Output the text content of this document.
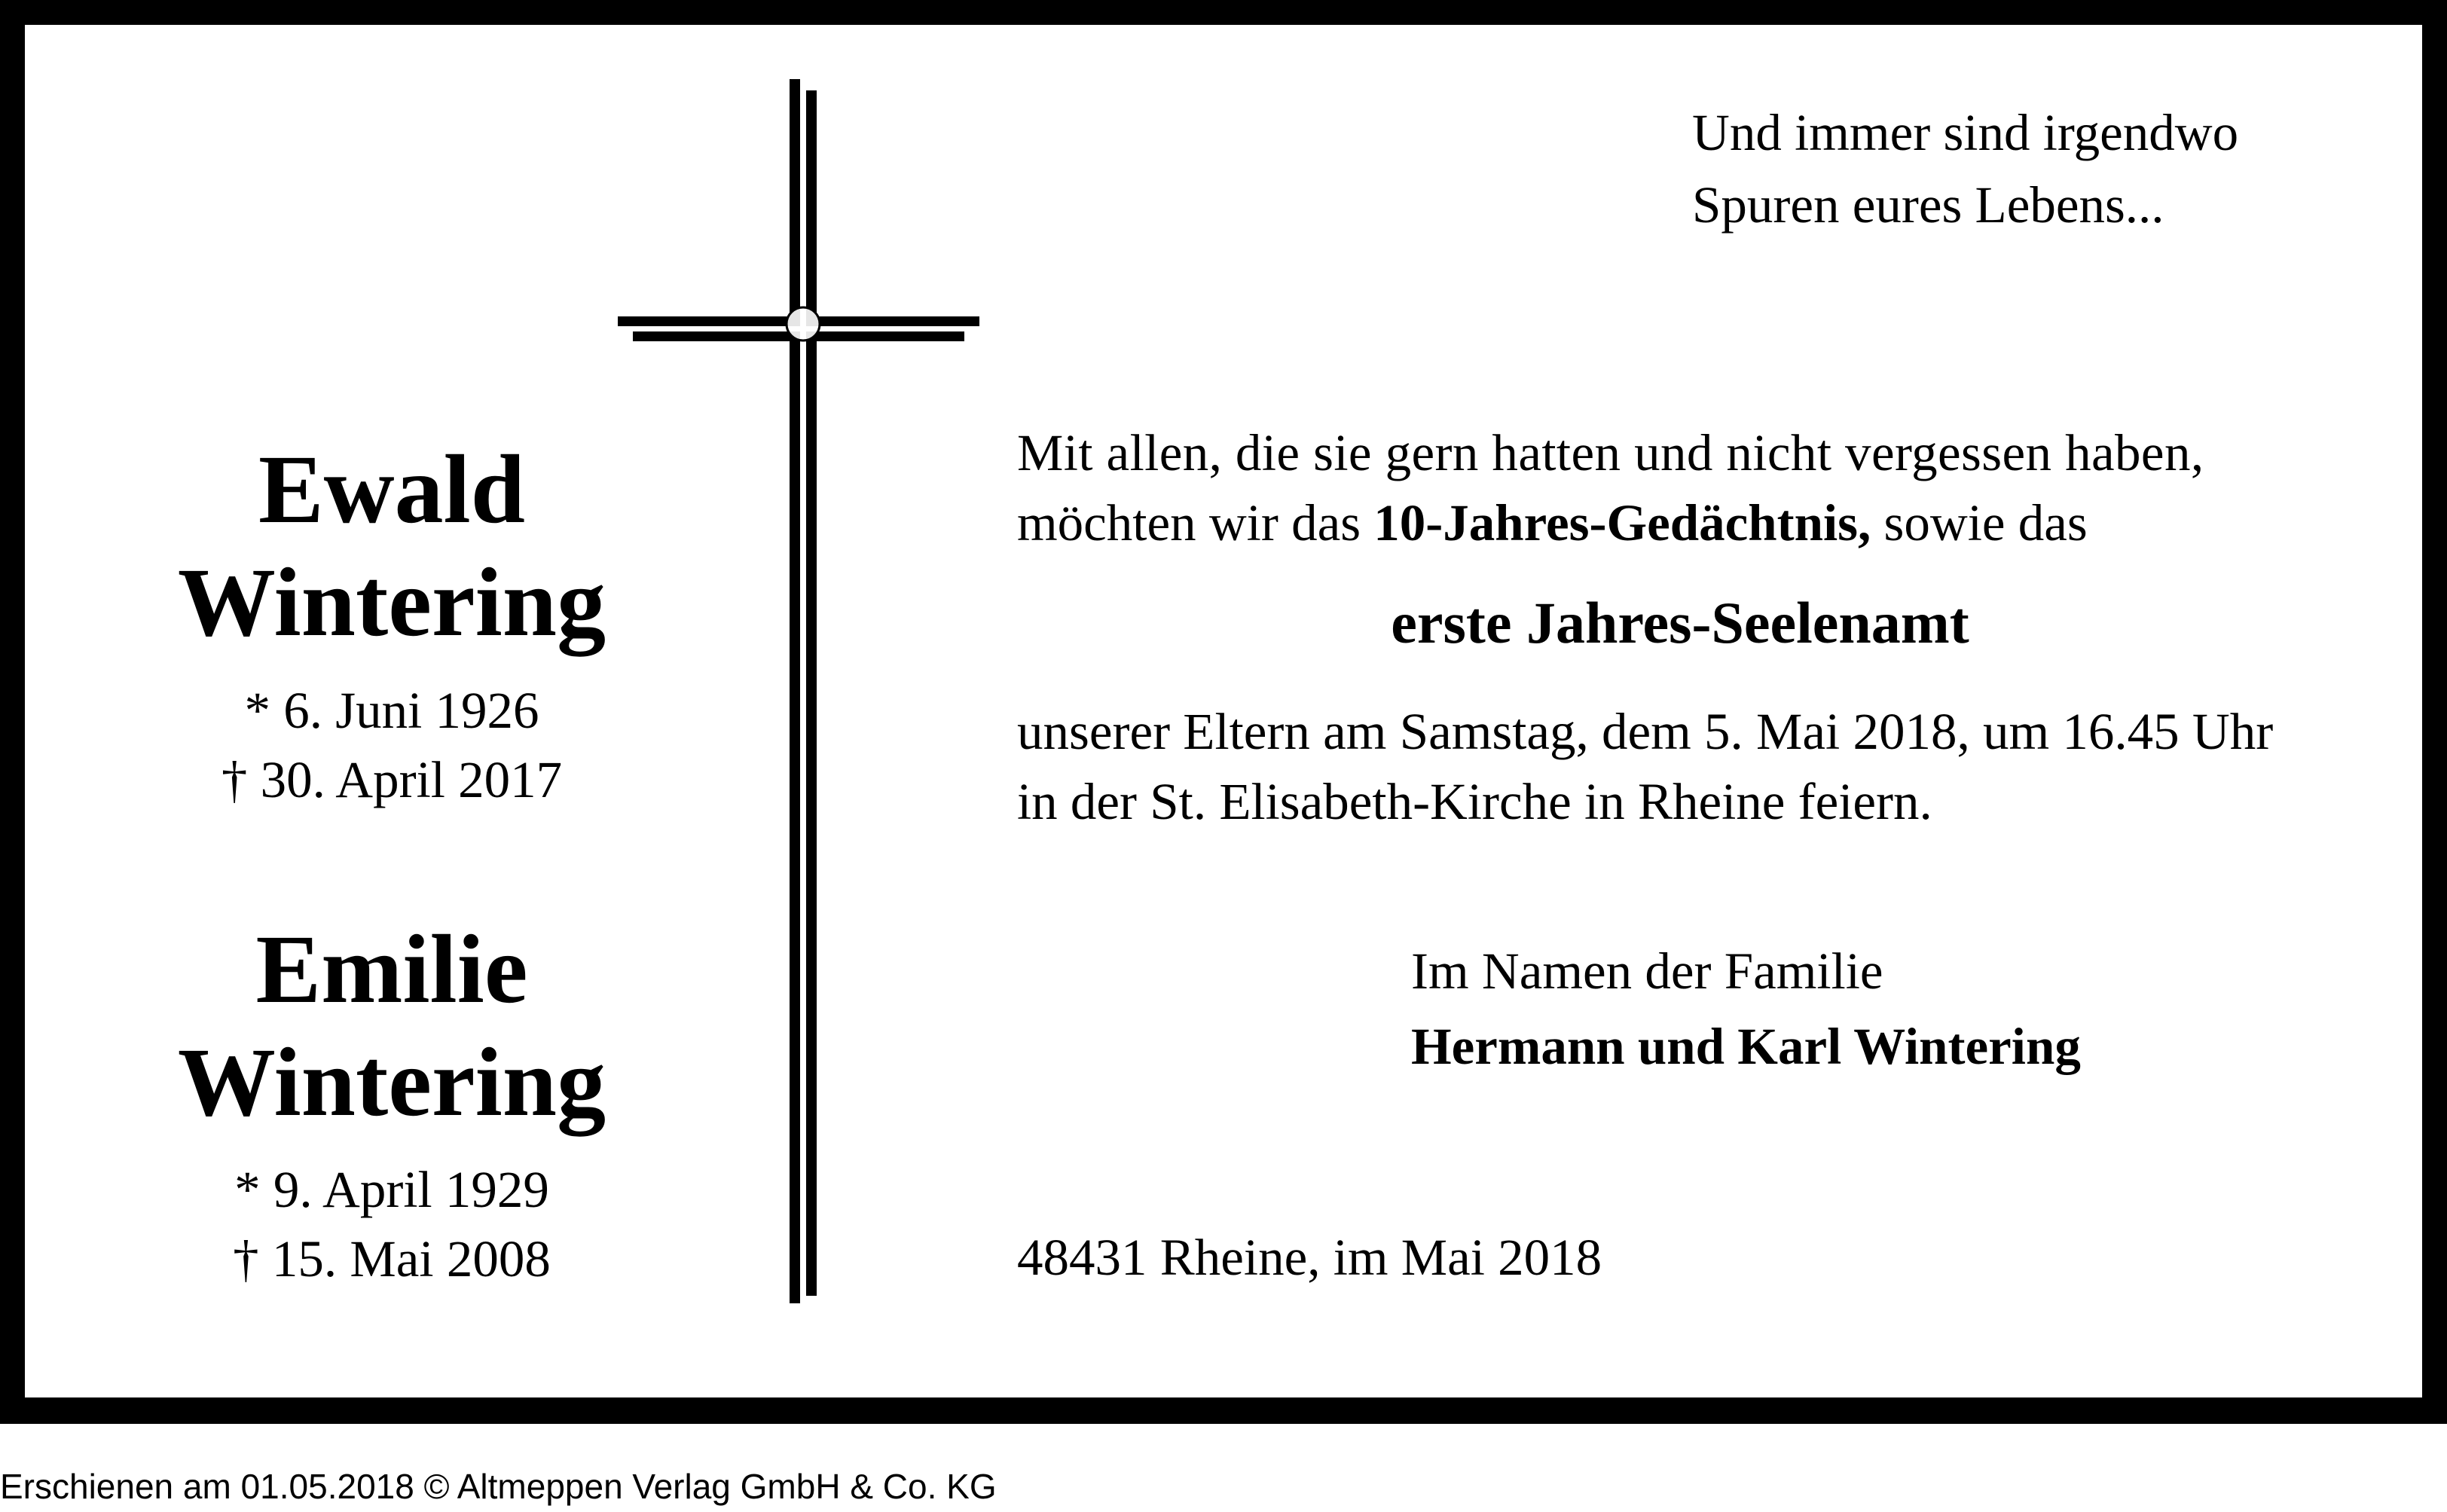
Und immer sind irgendwo
Spuren eures Lebens...
Ewald
Wintering
* 6. Juni 1926
† 30. April 2017
Emilie
Wintering
* 9. April 1929
† 15. Mai 2008
Mit allen, die sie gern hatten und nicht vergessen haben,
möchten wir das 10-Jahres-Gedächtnis, sowie das
erste Jahres-Seelenamt
unserer Eltern am Samstag, dem 5. Mai 2018, um 16.45 Uhr
in der St. Elisabeth-Kirche in Rheine feiern.
Im Namen der Familie
Hermann und Karl Wintering
48431 Rheine, im Mai 2018
Erschienen am 01.05.2018 © Altmeppen Verlag GmbH & Co. KG
